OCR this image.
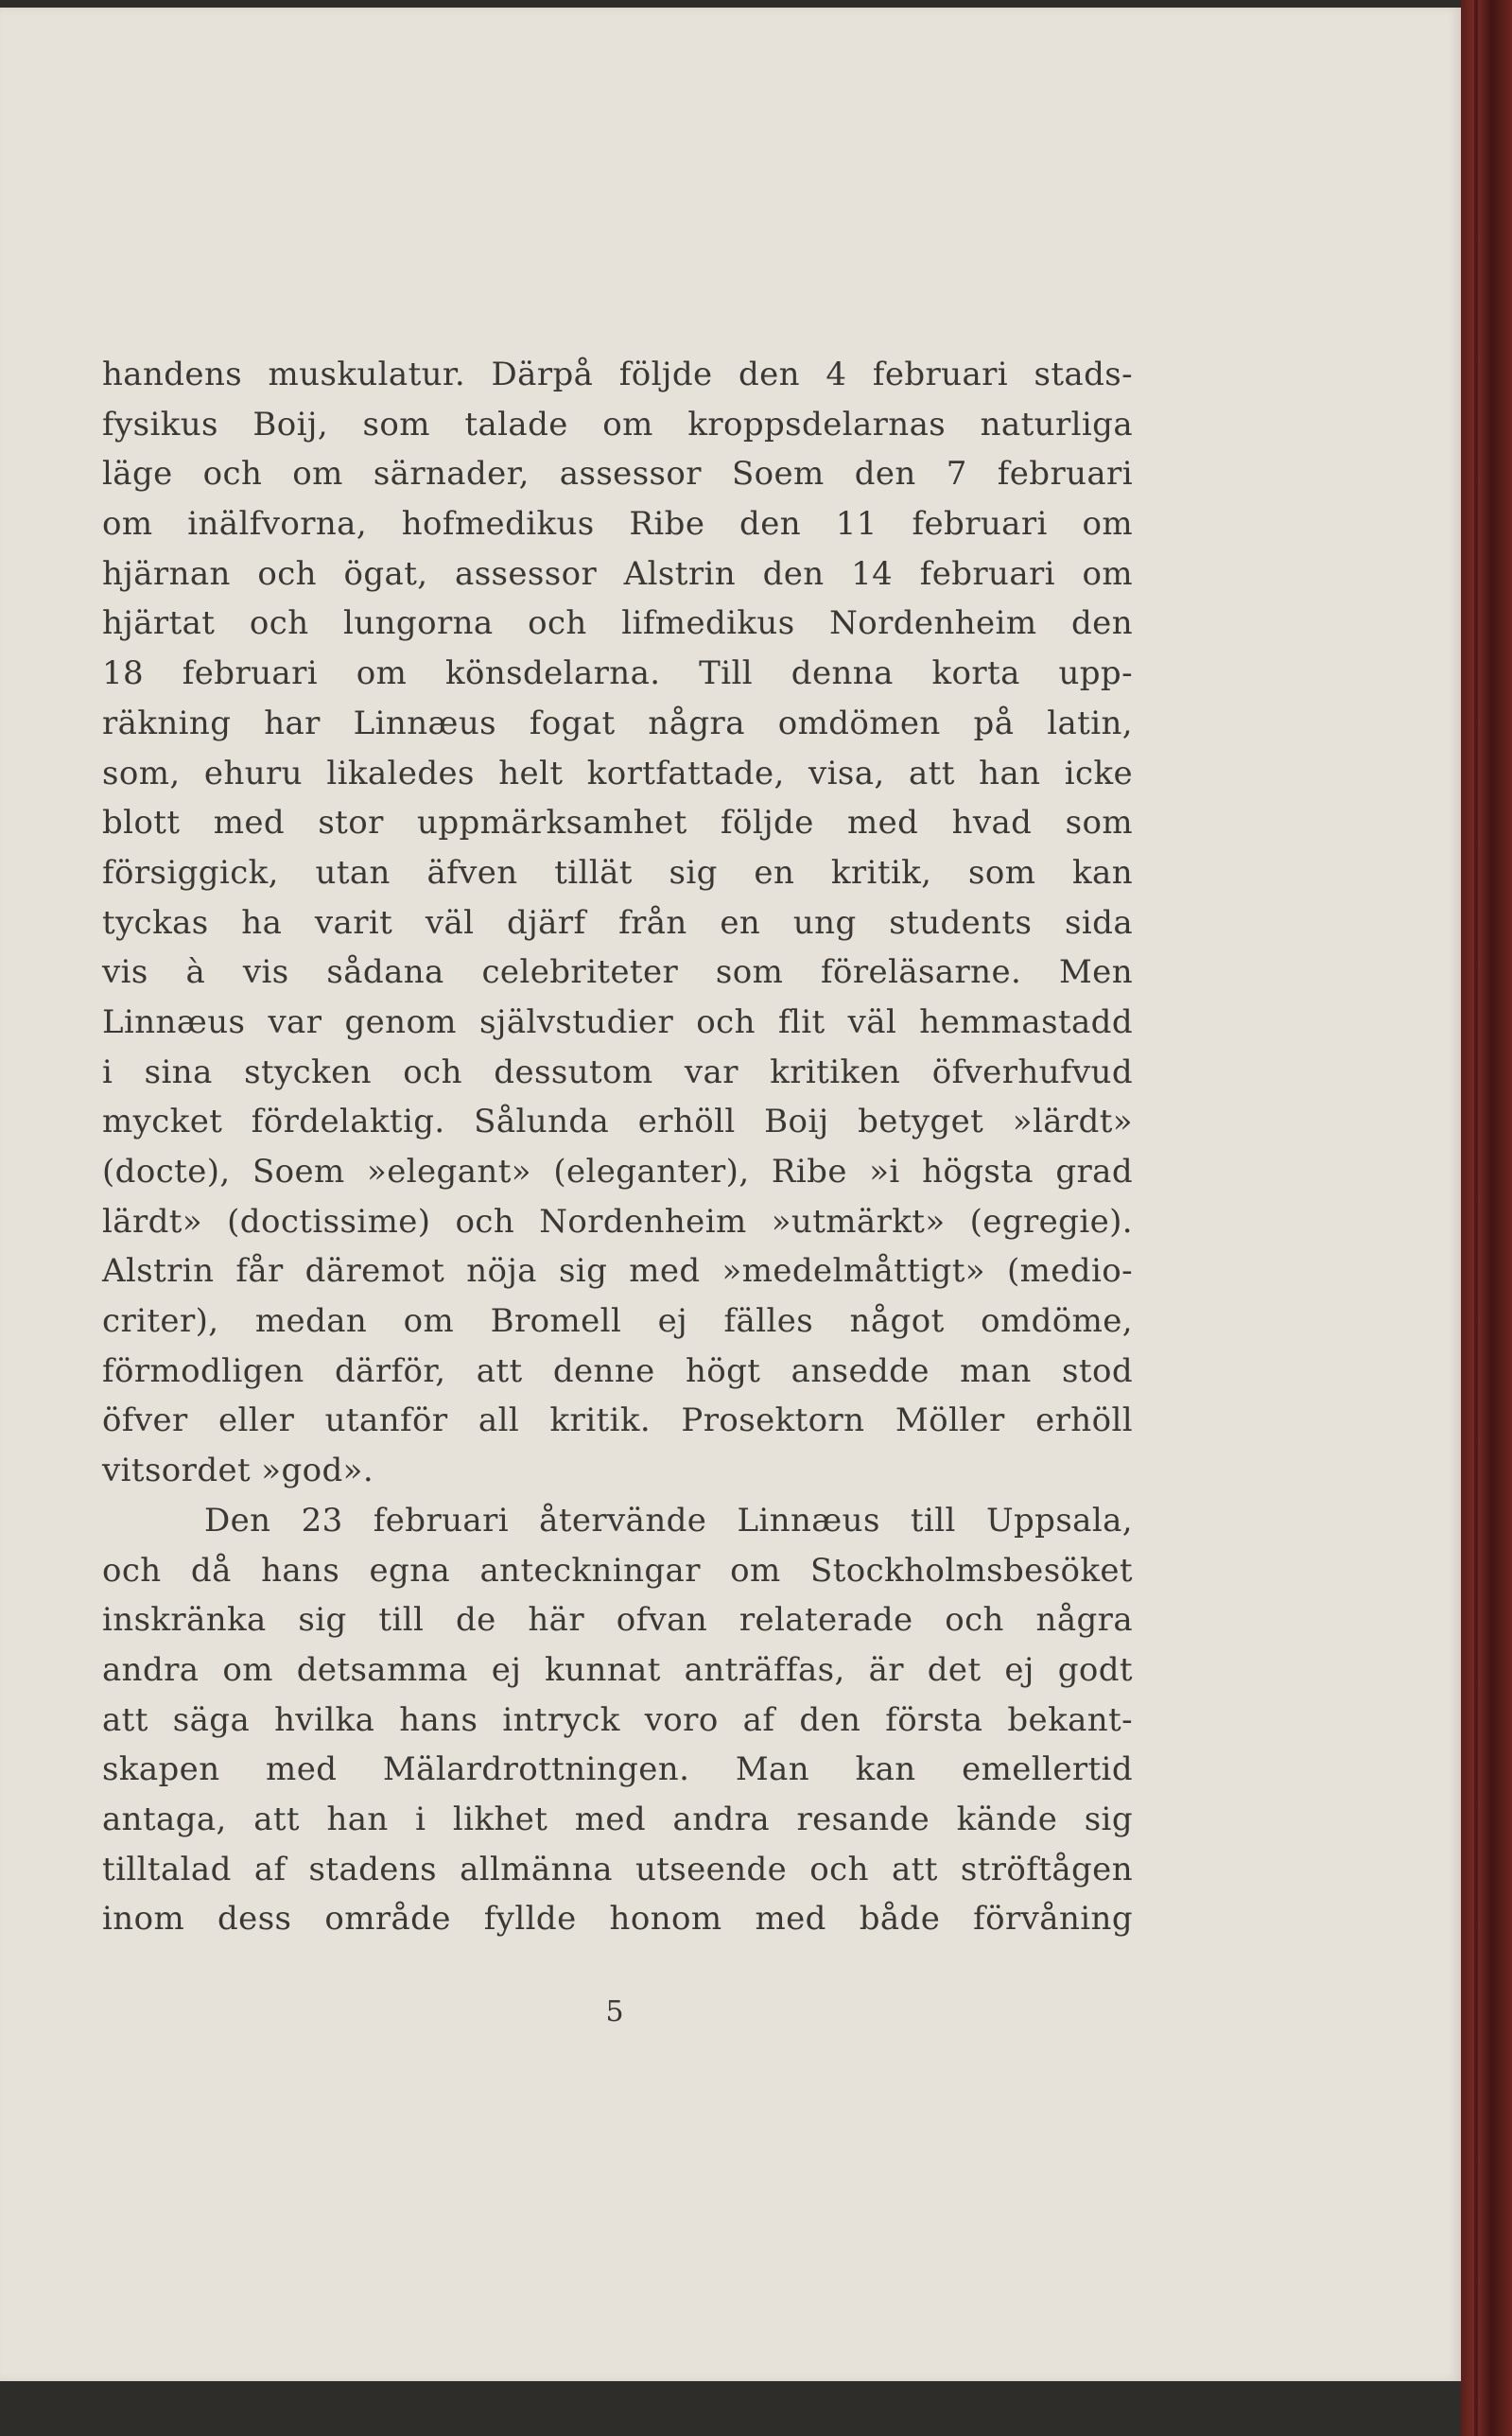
handens muskulatur. Därpå följde den 4 februari stads-
fysikus Boij, som talade om kroppsdelarnas naturliga
läge och om särnader, assessor Soem den 7 februari
om inälfvorna, hofmedikus Ribe den 11 februari om
hjärnan och ögat, assessor Alstrin den 14 februari om
hjärtat och lungorna och lifmedikus Nordenheim den
18 februari om könsdelarna. Till denna korta upp-
räkning har Linnæus fogat några omdömen på latin,
som, ehuru likaledes helt kortfattade, visa, att han icke
blott med stor uppmärksamhet följde med hvad som
försiggick, utan äfven tillät sig en kritik, som kan
tyckas ha varit väl djärf från en ung students sida
vis à vis sådana celebriteter som föreläsarne. Men
Linnæus var genom självstudier och flit väl hemmastadd
i sina stycken och dessutom var kritiken öfverhufvud
mycket fördelaktig. Sålunda erhöll Boij betyget »lärdt»
(docte), Soem »elegant» (eleganter), Ribe »i högsta grad
lärdt» (doctissime) och Nordenheim »utmärkt» (egregie).
Alstrin får däremot nöja sig med »medelmåttigt» (medio-
criter), medan om Bromell ej fälles något omdöme,
förmodligen därför, att denne högt ansedde man stod
öfver eller utanför all kritik. Prosektorn Möller erhöll
vitsordet »god».
Den 23 februari återvände Linnæus till Uppsala,
och då hans egna anteckningar om Stockholmsbesöket
inskränka sig till de här ofvan relaterade och några
andra om detsamma ej kunnat anträffas, är det ej godt
att säga hvilka hans intryck voro af den första bekant-
skapen med Mälardrottningen. Man kan emellertid
antaga, att han i likhet med andra resande kände sig
tilltalad af stadens allmänna utseende och att ströftågen
inom dess område fyllde honom med både förvåning
5
